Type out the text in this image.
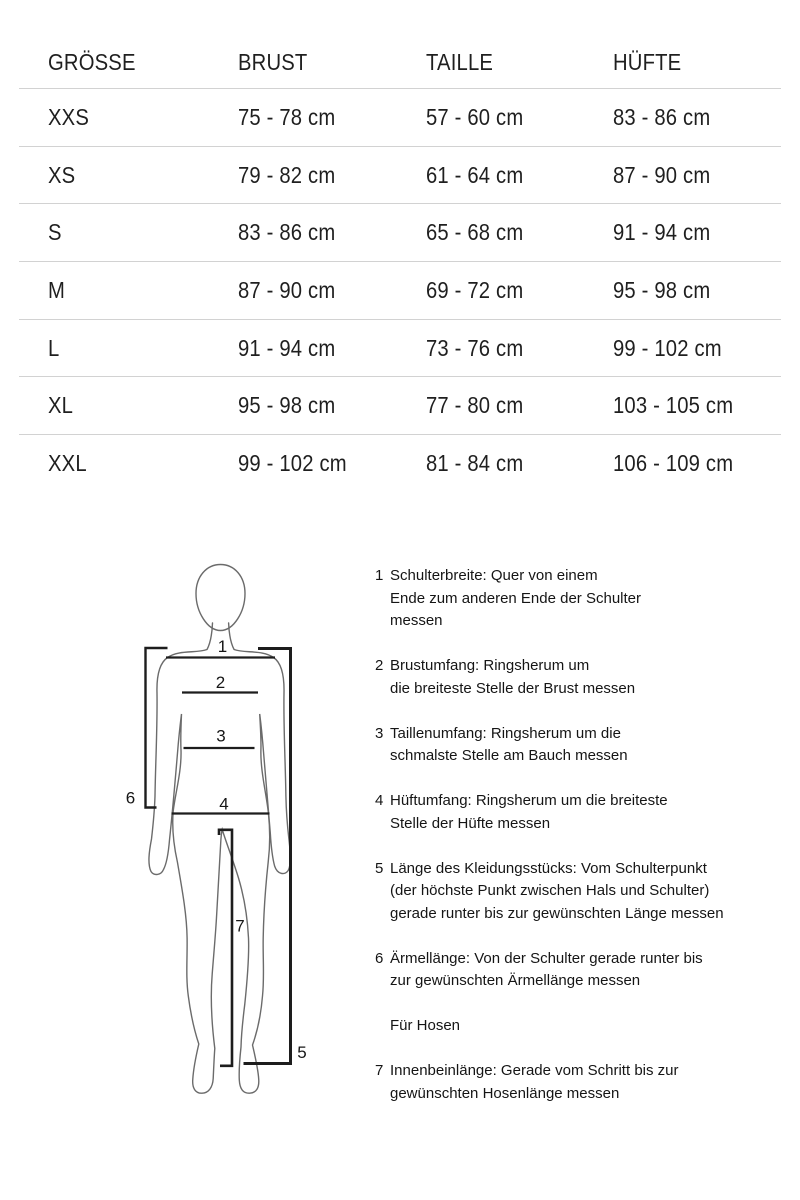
GRÖSSE	BRUST	TAILLE	HÜFTE
XXS	75 - 78 cm	57 - 60 cm	83 - 86 cm
XS	79 - 82 cm	61 - 64 cm	87 - 90 cm
S	83 - 86 cm	65 - 68 cm	91 - 94 cm
M	87 - 90 cm	69 - 72 cm	95 - 98 cm
L	91 - 94 cm	73 - 76 cm	99 - 102 cm
XL	95 - 98 cm	77 - 80 cm	103 - 105 cm
XXL	99 - 102 cm	81 - 84 cm	106 - 109 cm
1
2
3
4
5
6
7
1 Schulterbreite: Quer von einem
Ende zum anderen Ende der Schulter
messen
2 Brustumfang: Ringsherum um
die breiteste Stelle der Brust messen
3 Taillenumfang: Ringsherum um die
schmalste Stelle am Bauch messen
4 Hüftumfang: Ringsherum um die breiteste
Stelle der Hüfte messen
5 Länge des Kleidungsstücks: Vom Schulterpunkt
(der höchste Punkt zwischen Hals und Schulter)
gerade runter bis zur gewünschten Länge messen
6 Ärmellänge: Von der Schulter gerade runter bis
zur gewünschten Ärmellänge messen
Für Hosen
7 Innenbeinlänge: Gerade vom Schritt bis zur
gewünschten Hosenlänge messen
